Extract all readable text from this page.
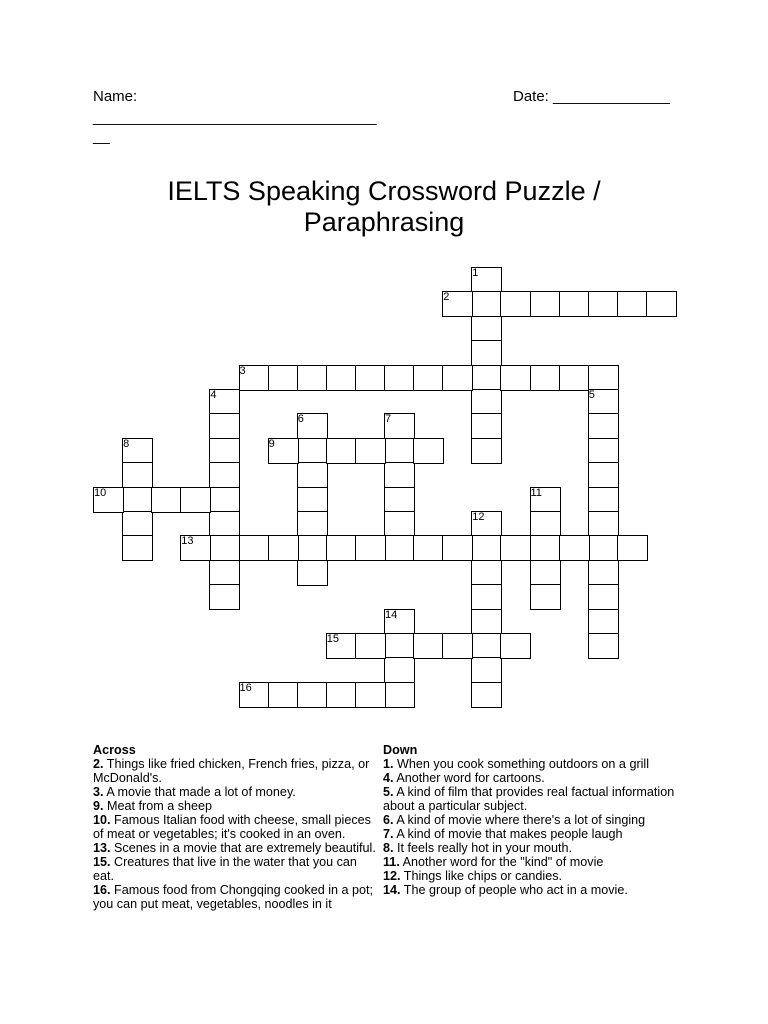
Name:	Date: ______________
__________________________________
__
IELTS Speaking Crossword Puzzle /
Paraphrasing
1
2
3
4	5
6	7
8	9
10	11
12
13
14
15
16
Across
2. Things like fried chicken, French fries, pizza, or McDonald's.
3. A movie that made a lot of money.
9. Meat from a sheep
10. Famous Italian food with cheese, small pieces of meat or vegetables; it's cooked in an oven.
13. Scenes in a movie that are extremely beautiful.
15. Creatures that live in the water that you can eat.
16. Famous food from Chongqing cooked in a pot; you can put meat, vegetables, noodles in it
Down
1. When you cook something outdoors on a grill
4. Another word for cartoons.
5. A kind of film that provides real factual information about a particular subject.
6. A kind of movie where there's a lot of singing
7. A kind of movie that makes people laugh
8. It feels really hot in your mouth.
11. Another word for the "kind" of movie
12. Things like chips or candies.
14. The group of people who act in a movie.
